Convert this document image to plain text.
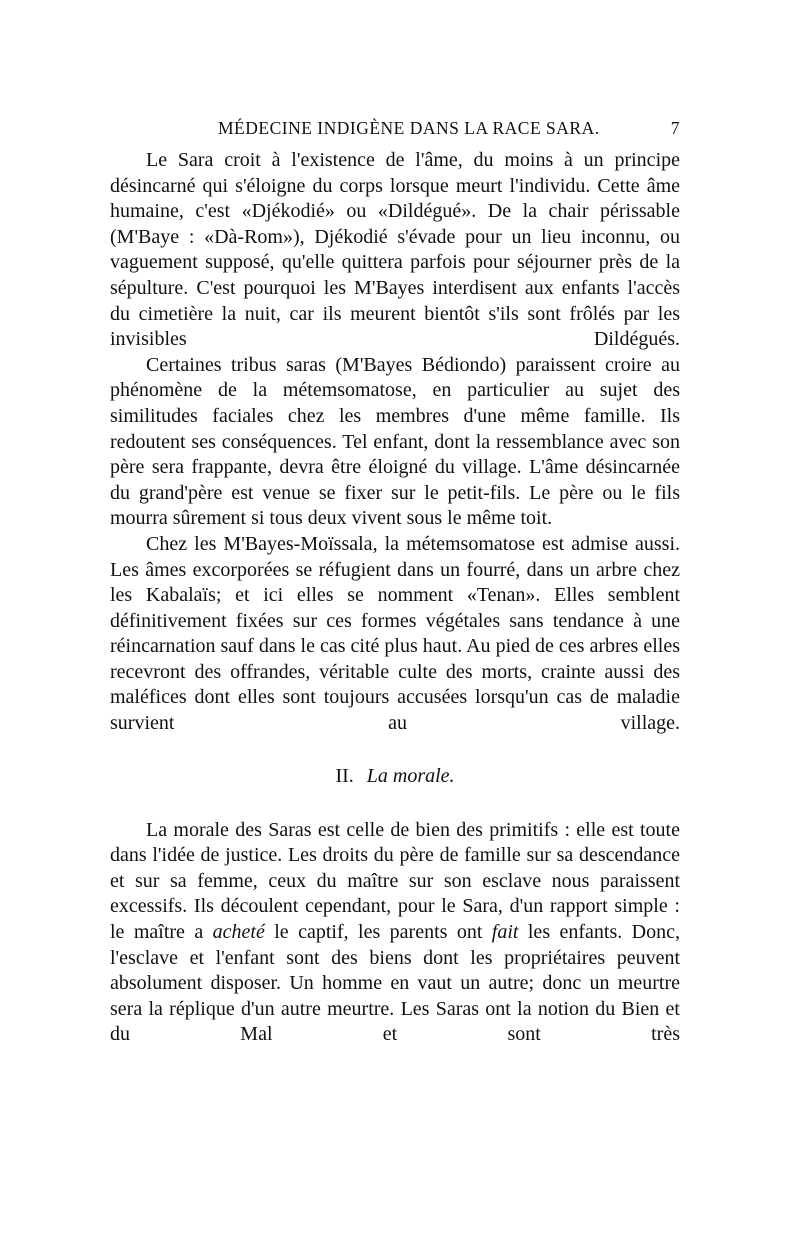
MÉDECINE INDIGÈNE DANS LA RACE SARA.	7

Le Sara croit à l'existence de l'âme, du moins à un principe désincarné qui s'éloigne du corps lorsque meurt l'individu. Cette âme humaine, c'est «Djékodié» ou «Dildégué». De la chair périssable (M'Baye : «Dà-Rom»), Djékodié s'évade pour un lieu inconnu, ou vaguement supposé, qu'elle quittera parfois pour séjourner près de la sépulture. C'est pourquoi les M'Bayes interdisent aux enfants l'accès du cimetière la nuit, car ils meurent bientôt s'ils sont frôlés par les invisibles Dildégués.

Certaines tribus saras (M'Bayes Bédiondo) paraissent croire au phénomène de la métemsomatose, en particulier au sujet des similitudes faciales chez les membres d'une même famille. Ils redoutent ses conséquences. Tel enfant, dont la ressemblance avec son père sera frappante, devra être éloigné du village. L'âme désincarnée du grand'père est venue se fixer sur le petit-fils. Le père ou le fils mourra sûrement si tous deux vivent sous le même toit.

Chez les M'Bayes-Moïssala, la métemsomatose est admise aussi. Les âmes excorporées se réfugient dans un fourré, dans un arbre chez les Kabalaïs; et ici elles se nomment «Tenan». Elles semblent définitivement fixées sur ces formes végétales sans tendance à une réincarnation sauf dans le cas cité plus haut. Au pied de ces arbres elles recevront des offrandes, véritable culte des morts, crainte aussi des maléfices dont elles sont toujours accusées lorsqu'un cas de maladie survient au village.

II. La morale.

La morale des Saras est celle de bien des primitifs : elle est toute dans l'idée de justice. Les droits du père de famille sur sa descendance et sur sa femme, ceux du maître sur son esclave nous paraissent excessifs. Ils découlent cependant, pour le Sara, d'un rapport simple : le maître a acheté le captif, les parents ont fait les enfants. Donc, l'esclave et l'enfant sont des biens dont les propriétaires peuvent absolument disposer. Un homme en vaut un autre; donc un meurtre sera la réplique d'un autre meurtre. Les Saras ont la notion du Bien et du Mal et sont très
